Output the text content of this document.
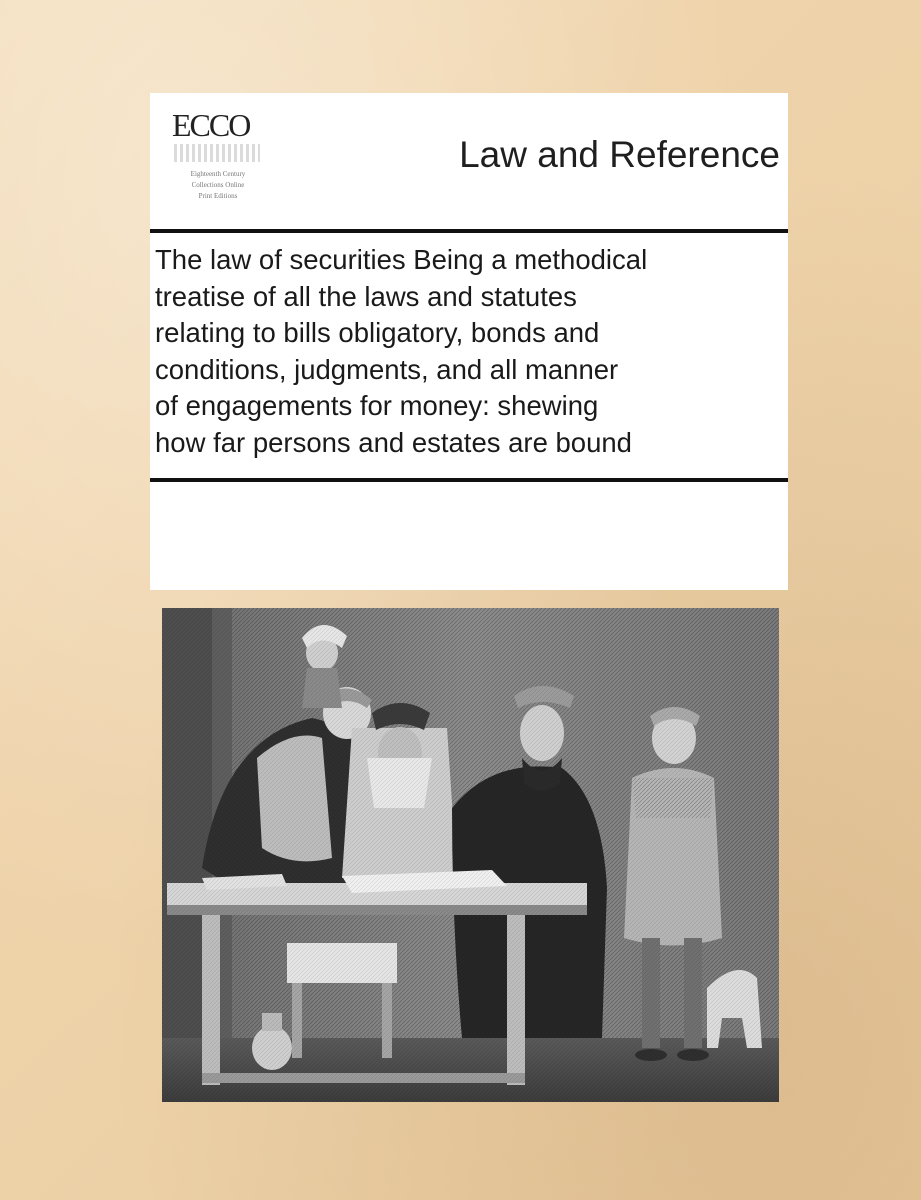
ECCO
Eighteenth Century
Collections Online
Print Editions
Law and Reference
The law of securities Being a methodical
treatise of all the laws and statutes
relating to bills obligatory, bonds and
conditions, judgments, and all manner
of engagements for money: shewing
how far persons and estates are bound
